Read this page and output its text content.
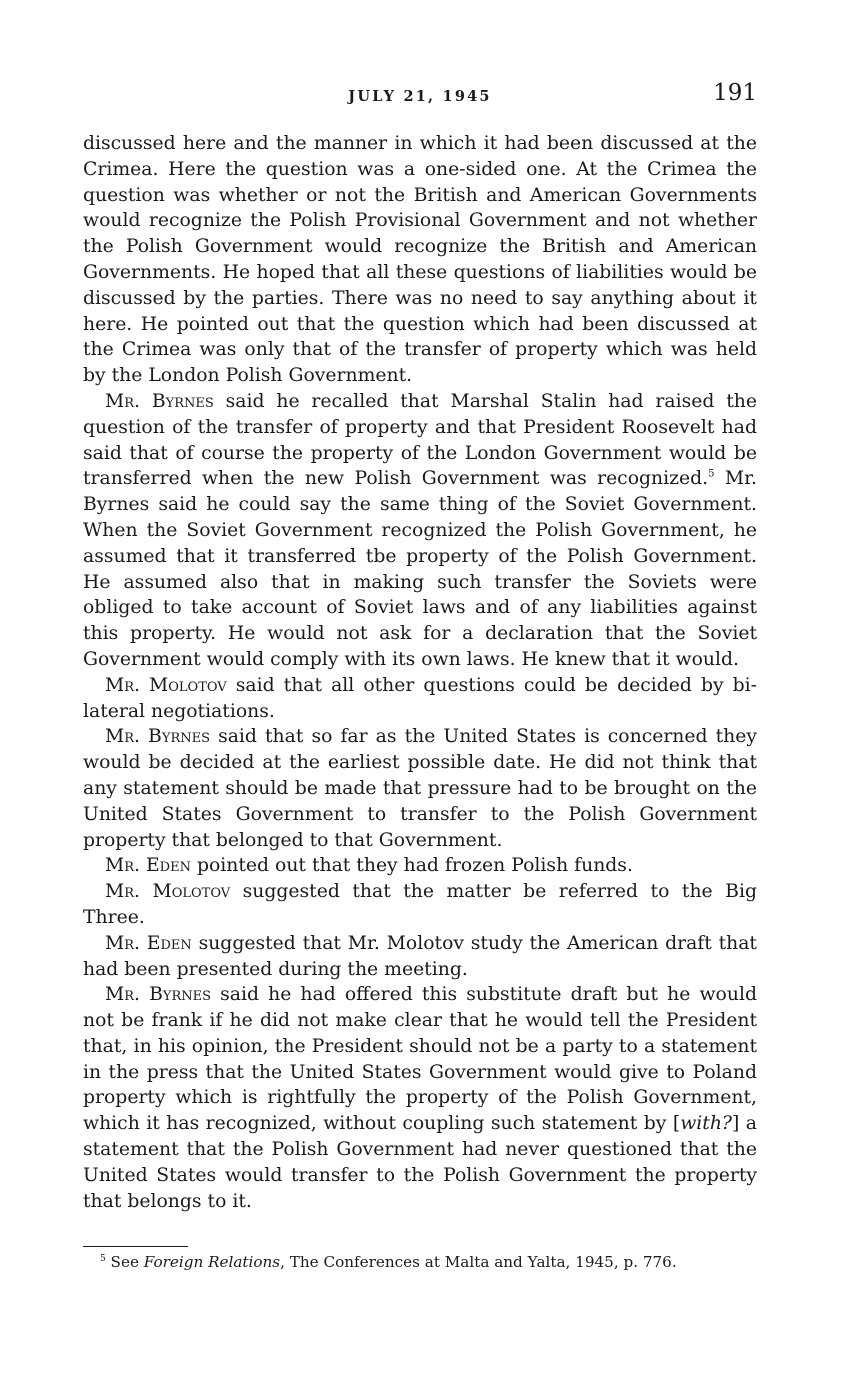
JULY 21, 1945	191

discussed here and the manner in which it had been discussed at the Crimea. Here the question was a one-sided one. At the Crimea the question was whether or not the British and American Governments would recognize the Polish Provisional Government and not whether the Polish Government would recognize the British and American Governments. He hoped that all these questions of liabilities would be discussed by the parties. There was no need to say anything about it here. He pointed out that the question which had been discussed at the Crimea was only that of the transfer of property which was held by the London Polish Government.

Mr. Byrnes said he recalled that Marshal Stalin had raised the question of the transfer of property and that President Roosevelt had said that of course the property of the London Government would be transferred when the new Polish Government was recognized.$^5$ Mr. Byrnes said he could say the same thing of the Soviet Government. When the Soviet Government recognized the Polish Government, he assumed that it transferred tbe property of the Polish Government. He assumed also that in making such transfer the Soviets were obliged to take account of Soviet laws and of any liabilities against this property. He would not ask for a declaration that the Soviet Government would comply with its own laws. He knew that it would.

Mr. Molotov said that all other questions could be decided by bi-lateral negotiations.

Mr. Byrnes said that so far as the United States is concerned they would be decided at the earliest possible date. He did not think that any statement should be made that pressure had to be brought on the United States Government to transfer to the Polish Government property that belonged to that Government.

Mr. Eden pointed out that they had frozen Polish funds.

Mr. Molotov suggested that the matter be referred to the Big Three.

Mr. Eden suggested that Mr. Molotov study the American draft that had been presented during the meeting.

Mr. Byrnes said he had offered this substitute draft but he would not be frank if he did not make clear that he would tell the President that, in his opinion, the President should not be a party to a statement in the press that the United States Government would give to Poland property which is rightfully the property of the Polish Government, which it has recognized, without coupling such statement by [with?] a statement that the Polish Government had never questioned that the United States would transfer to the Polish Government the property that belongs to it.

$^5$ See Foreign Relations, The Conferences at Malta and Yalta, 1945, p. 776.
